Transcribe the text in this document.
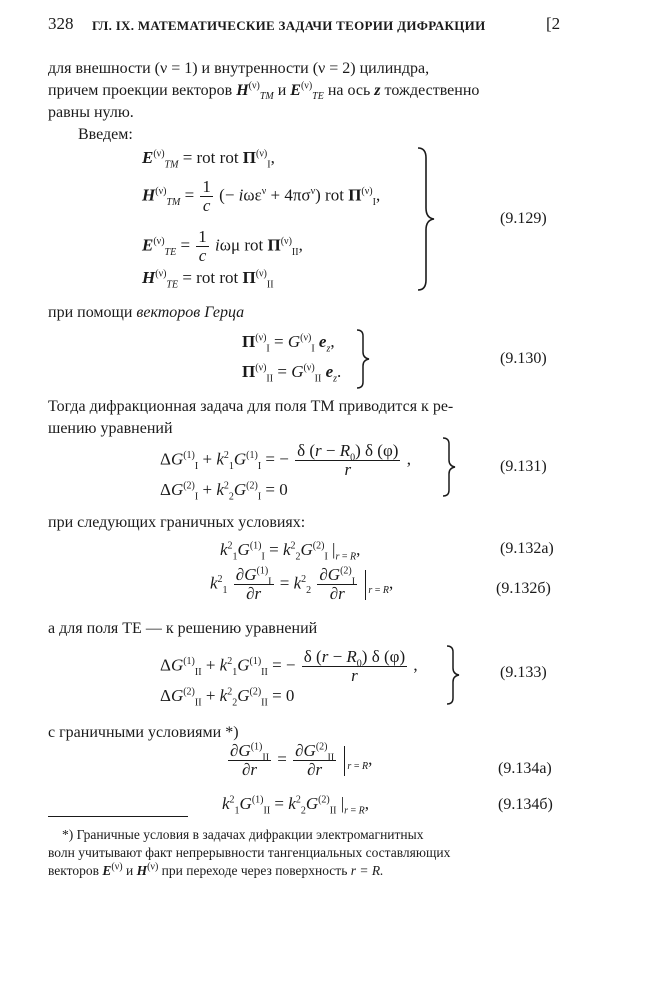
328 ГЛ. IX. МАТЕМАТИЧЕСКИЕ ЗАДАЧИ ТЕОРИИ ДИФРАКЦИИ	[2
для внешности (ν = 1) и внутренности (ν = 2) цилиндра,
причем проекции векторов $H^{(\nu)}_{TM}$ и $E^{(\nu)}_{TE}$ на ось z тождественно
равны нулю.
Введем:
$E^{(\nu)}_{TM}$ = rot rot $\Pi^{(\nu)}_I$,
$H^{(\nu)}_{TM} = \frac{1}{c}$ (− $i\omega\varepsilon^\nu + 4\pi\sigma^\nu$) rot $\Pi^{(\nu)}_I$,
$E^{(\nu)}_{TE} = \frac{1}{c}$ iωμ rot $\Pi^{(\nu)}_{II}$,
$H^{(\nu)}_{TE}$ = rot rot $\Pi^{(\nu)}_{II}$
(9.129)
при помощи векторов Герца
$\Pi^{(\nu)}_I = G^{(\nu)}_I$ $e_z$,
$\Pi^{(\nu)}_{II} = G^{(\nu)}_{II}$ $e_z$.
(9.130)
Тогда дифракционная задача для поля TM приводится к ре-
шению уравнений
$\Delta G^{(1)}_I + k^2_1G^{(1)}_I$ = − $\frac{\delta (r - R_0) \delta (\varphi)}{r}$ ,
$\Delta G^{(2)}_I + k^2_2G^{(2)}_I = 0$
(9.131)
при следующих граничных условиях:
$k^2_1G^{(1)}_I = k^2_2G^{(2)}_I$ $|_{r = R}$,	(9.132а)
$k^2_1 \frac{\partial G^{(1)}_I}{\partial r} = k^2_2 \frac{\partial G^{(2)}_I}{\partial r} _{r = R}$,	(9.132б)
а для поля TE — к решению уравнений
$\Delta G^{(1)}_{II} + k^2_1G^{(1)}_{II}$ = − $\frac{\delta (r - R_0) \delta (\varphi)}{r}$ ,
$\Delta G^{(2)}_{II} + k^2_2G^{(2)}_{II} = 0$
(9.133)
с граничными условиями *)
$\frac{\partial G^{(1)}_{II}}{\partial r} = \frac{\partial G^{(2)}_{II}}{\partial r} _{r = R}$,
(9.134а)
$k^2_1G^{(1)}_{II} = k^2_2G^{(2)}_{II}$ $|_{r = R}$,	(9.134б)
*) Граничные условия в задачах дифракции электромагнитных
волн учитывают факт непрерывности тангенциальных составляющих
векторов $E^{(\nu)}$ и $H^{(\nu)}$ при переходе через поверхность r = R.
